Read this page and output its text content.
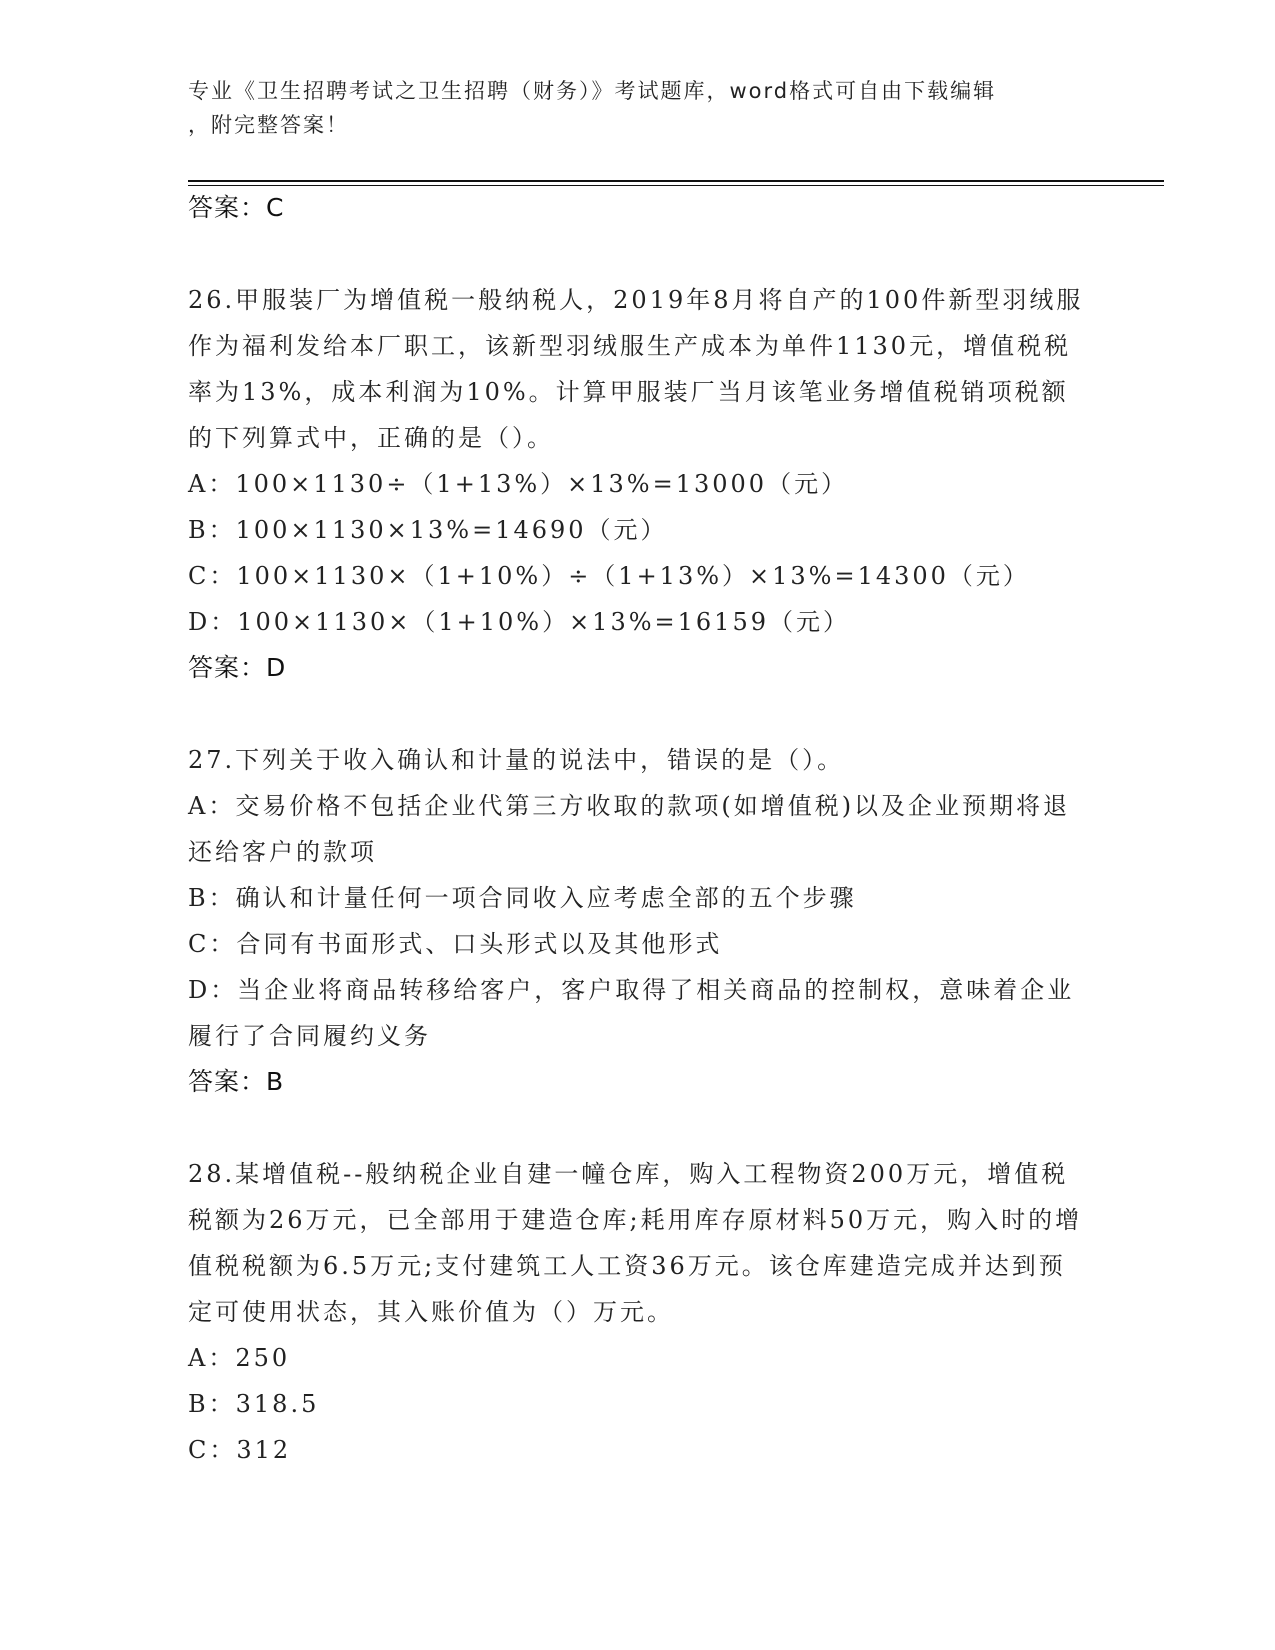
专业《卫生招聘考试之卫生招聘（财务）》考试题库，word格式可自由下载编辑
，附完整答案！
答案：C
26.甲服装厂为增值税一般纳税人，2019年8月将自产的100件新型羽绒服作为福利发给本厂职工，该新型羽绒服生产成本为单件1130元，增值税税率为13%，成本利润为10%。计算甲服装厂当月该笔业务增值税销项税额的下列算式中，正确的是（）。
A：100×1130÷（1+13%）×13%=13000（元）
B：100×1130×13%=14690（元）
C：100×1130×（1+10%）÷（1+13%）×13%=14300（元）
D：100×1130×（1+10%）×13%=16159（元）
答案：D
27.下列关于收入确认和计量的说法中，错误的是（）。
A：交易价格不包括企业代第三方收取的款项(如增值税)以及企业预期将退还给客户的款项
B：确认和计量任何一项合同收入应考虑全部的五个步骤
C：合同有书面形式、口头形式以及其他形式
D：当企业将商品转移给客户，客户取得了相关商品的控制权，意味着企业履行了合同履约义务
答案：B
28.某增值税--般纳税企业自建一幢仓库，购入工程物资200万元，增值税税额为26万元，已全部用于建造仓库;耗用库存原材料50万元，购入时的增值税税额为6.5万元;支付建筑工人工资36万元。该仓库建造完成并达到预定可使用状态，其入账价值为（）万元。
A：250
B：318.5
C：312
